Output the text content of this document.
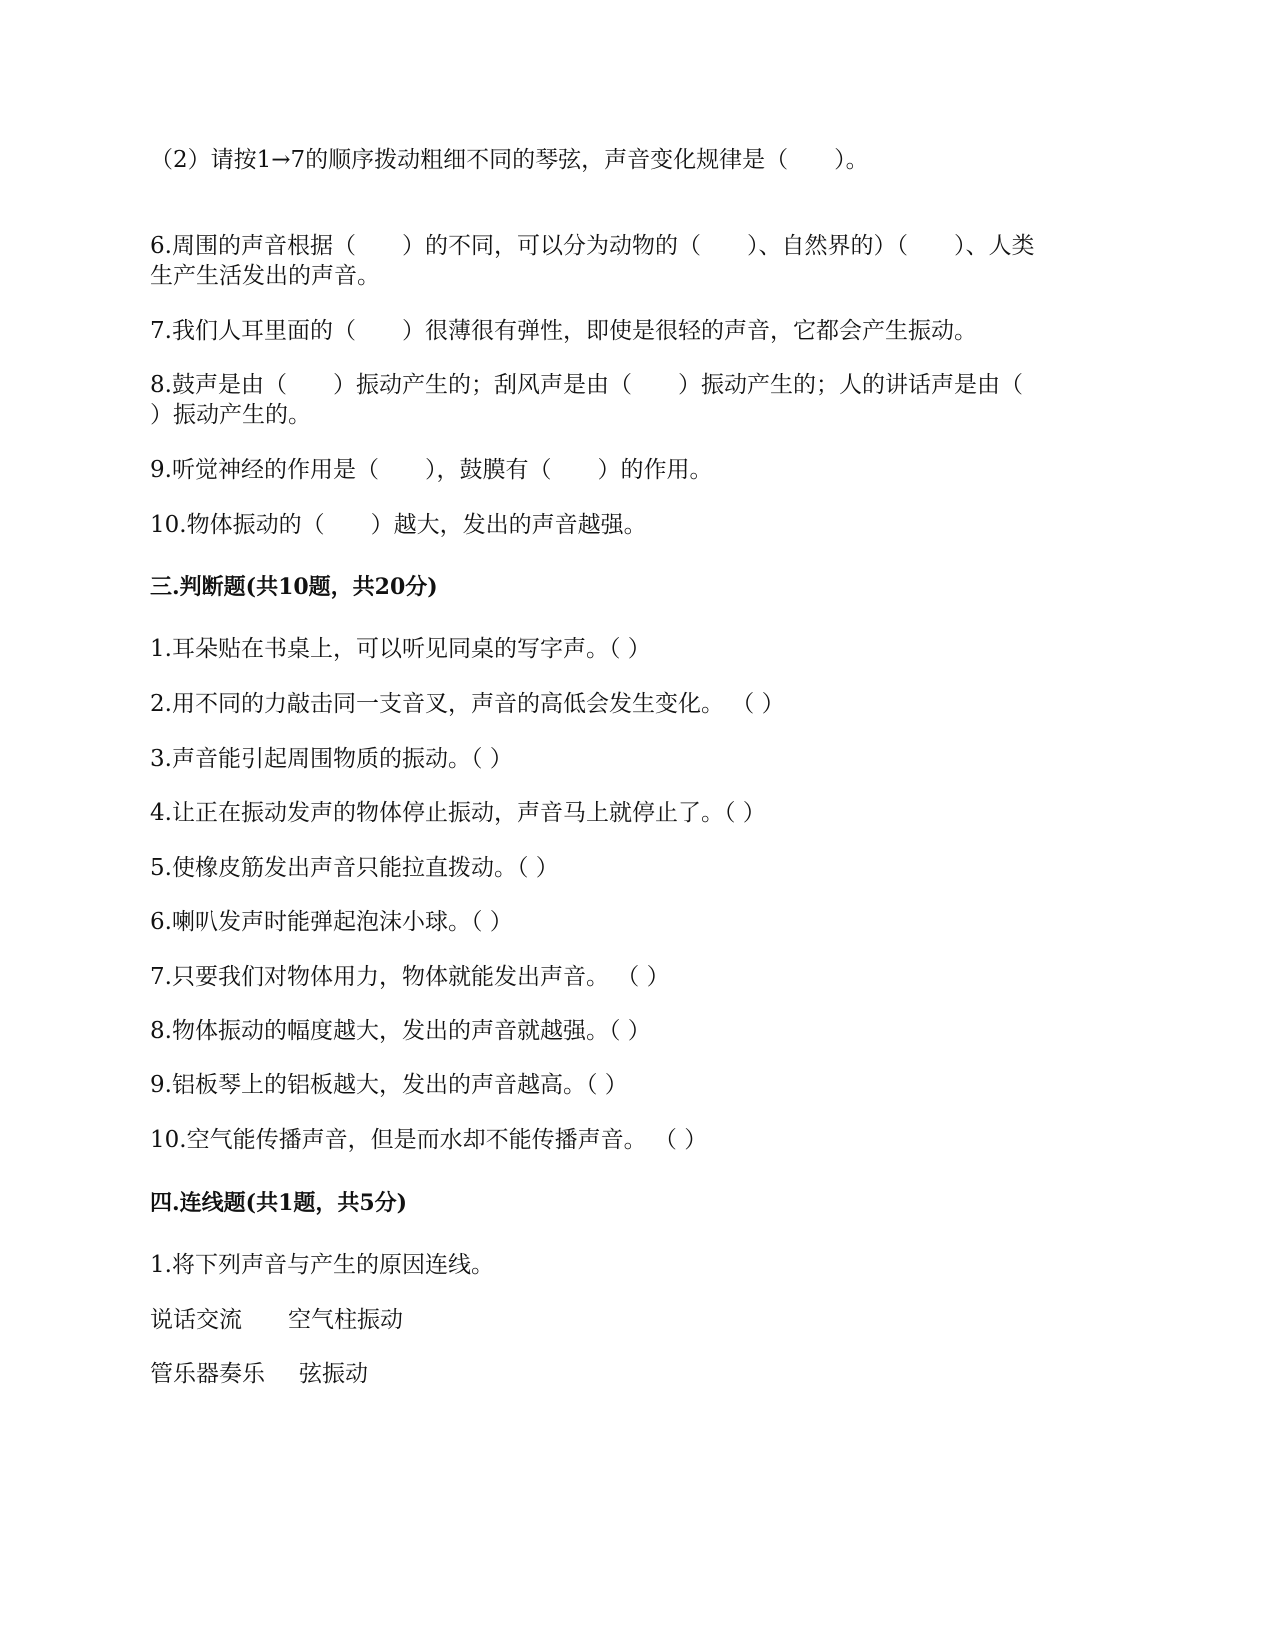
（2）请按1→7的顺序拨动粗细不同的琴弦，声音变化规律是（　　）。
6.周围的声音根据（　　）的不同，可以分为动物的（　　）、自然界的）（　　）、人类
生产生活发出的声音。
7.我们人耳里面的（　　）很薄很有弹性，即使是很轻的声音，它都会产生振动。
8.鼓声是由（　　）振动产生的；刮风声是由（　　）振动产生的；人的讲话声是由（
）振动产生的。
9.听觉神经的作用是（　　），鼓膜有（　　）的作用。
10.物体振动的（　　）越大，发出的声音越强。
三.判断题(共10题，共20分)
1.耳朵贴在书桌上，可以听见同桌的写字声。（ ）
2.用不同的力敲击同一支音叉，声音的高低会发生变化。 （ ）
3.声音能引起周围物质的振动。（ ）
4.让正在振动发声的物体停止振动，声音马上就停止了。（ ）
5.使橡皮筋发出声音只能拉直拨动。（ ）
6.喇叭发声时能弹起泡沫小球。（ ）
7.只要我们对物体用力，物体就能发出声音。 （ ）
8.物体振动的幅度越大，发出的声音就越强。（ ）
9.铝板琴上的铝板越大，发出的声音越高。（ ）
10.空气能传播声音，但是而水却不能传播声音。 （ ）
四.连线题(共1题，共5分)
1.将下列声音与产生的原因连线。
说话交流 空气柱振动
管乐器奏乐 弦振动
